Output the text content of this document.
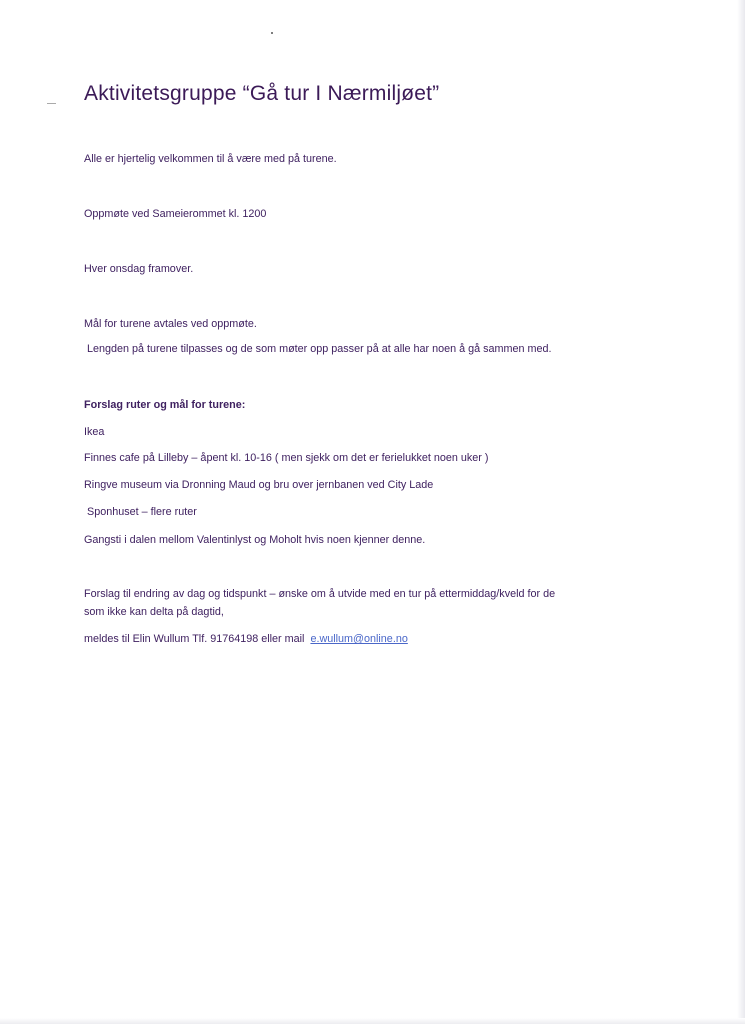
Aktivitetsgruppe “Gå tur I Nærmiljøet”
Alle er hjertelig velkommen til å være med på turene.
Oppmøte ved Sameierommet kl. 1200
Hver onsdag framover.
Mål for turene avtales ved oppmøte.
Lengden på turene tilpasses og de som møter opp passer på at alle har noen å gå sammen med.
Forslag ruter og mål for turene:
Ikea
Finnes cafe på Lilleby – åpent kl. 10-16 ( men sjekk om det er ferielukket noen uker )
Ringve museum via Dronning Maud og bru over jernbanen ved City Lade
Sponhuset – flere ruter
Gangsti i dalen mellom Valentinlyst og Moholt hvis noen kjenner denne.
Forslag til endring av dag og tidspunkt – ønske om å utvide med en tur på ettermiddag/kveld for de
som ikke kan delta på dagtid,
meldes til Elin Wullum Tlf. 91764198 eller mail e.wullum@online.no
